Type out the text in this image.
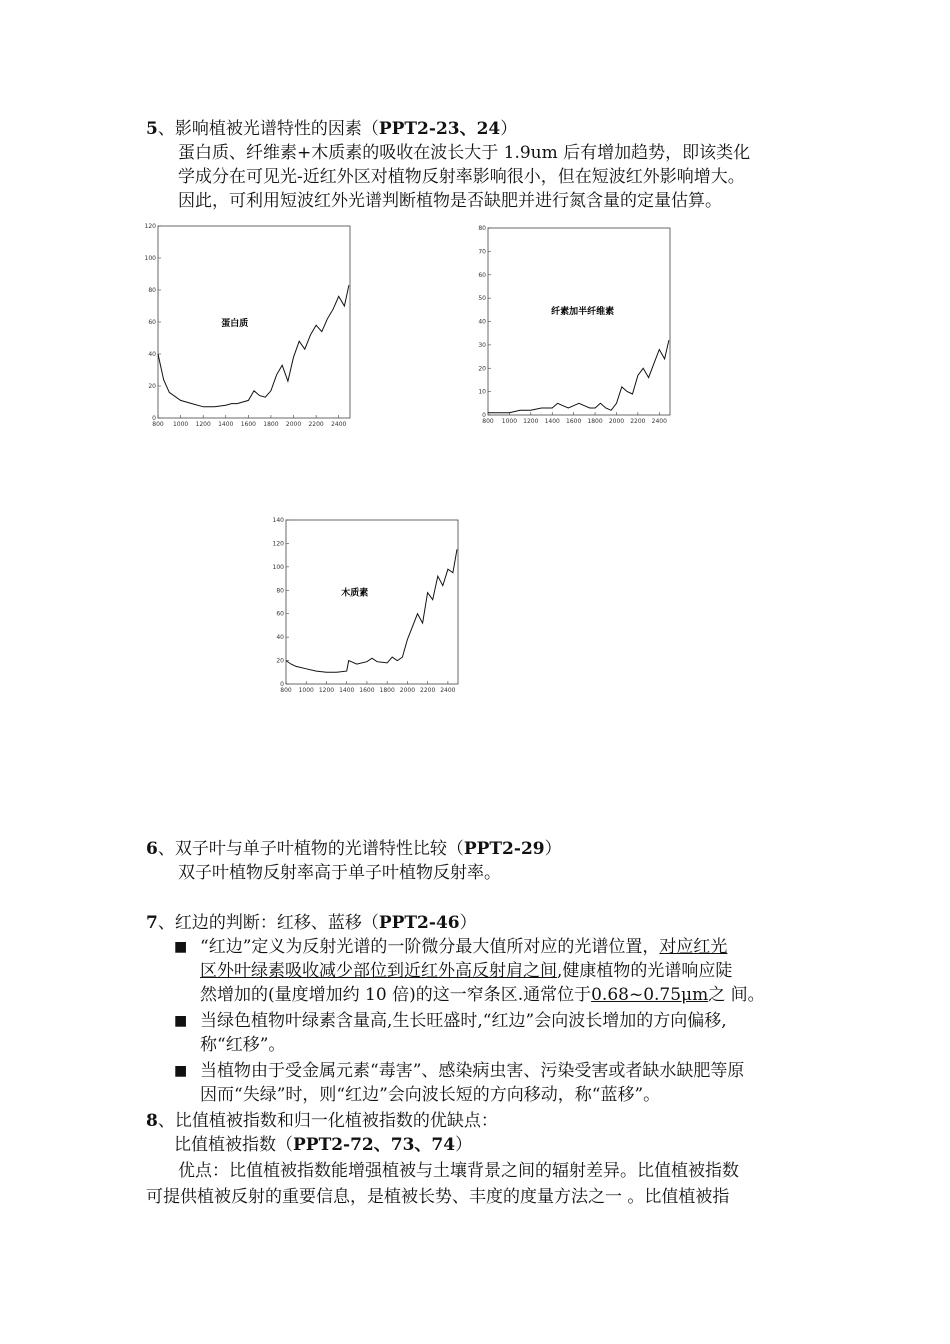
5、影响植被光谱特性的因素（PPT2-23、24）
蛋白质、纤维素+木质素的吸收在波长大于 1.9um 后有增加趋势，即该类化
学成分在可见光-近红外区对植物反射率影响很小，但在短波红外影响增大。
因此，可利用短波红外光谱判断植物是否缺肥并进行氮含量的定量估算。
0
20
40
60
80
100
120
800 1000 1200 1400 1600 1800 2000 2200 2400
蛋白质
0
10
20
30
40
50
60
70
80
800 1000 1200 1400 1600 1800 2000 2200 2400
纤素加半纤维素
0
20
40
60
80
100
120
140
800 1000 1200 1400 1600 1800 2000 2200 2400
木质素
6、双子叶与单子叶植物的光谱特性比较（PPT2-29）
双子叶植物反射率高于单子叶植物反射率。
7、红边的判断：红移、蓝移（PPT2-46）
■ “红边”定义为反射光谱的一阶微分最大值所对应的光谱位置，对应红光
区外叶绿素吸收减少部位到近红外高反射肩之间,健康植物的光谱响应陡
然增加的(量度增加约 10 倍)的这一窄条区.通常位于0.68~0.75μm之 间。
■ 当绿色植物叶绿素含量高,生长旺盛时,“红边”会向波长增加的方向偏移,
称“红移”。
■ 当植物由于受金属元素“毒害”、感染病虫害、污染受害或者缺水缺肥等原
因而“失绿”时，则“红边”会向波长短的方向移动，称“蓝移”。
8、比值植被指数和归一化植被指数的优缺点：
比值植被指数（PPT2-72、73、74）
优点：比值植被指数能增强植被与土壤背景之间的辐射差异。比值植被指数
可提供植被反射的重要信息，是植被长势、丰度的度量方法之一 。比值植被指
